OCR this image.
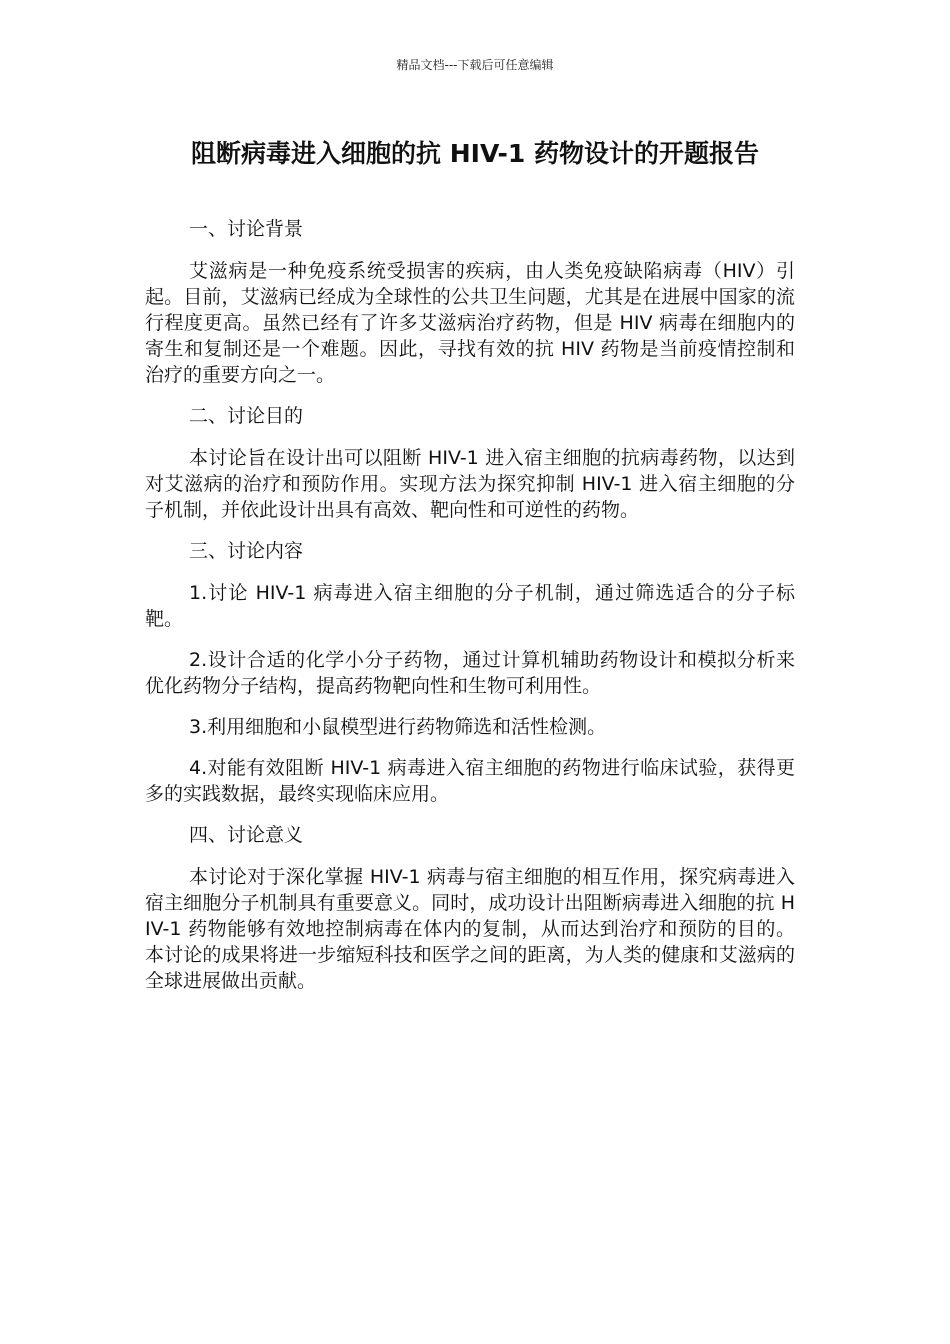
精品文档---下载后可任意编辑
阻断病毒进入细胞的抗 HIV-1 药物设计的开题报告

一、讨论背景

艾滋病是一种免疫系统受损害的疾病，由人类免疫缺陷病毒（HIV）引起。目前，艾滋病已经成为全球性的公共卫生问题，尤其是在进展中国家的流行程度更高。虽然已经有了许多艾滋病治疗药物，但是 HIV 病毒在细胞内的寄生和复制还是一个难题。因此，寻找有效的抗 HIV 药物是当前疫情控制和治疗的重要方向之一。

二、讨论目的

本讨论旨在设计出可以阻断 HIV-1 进入宿主细胞的抗病毒药物，以达到对艾滋病的治疗和预防作用。实现方法为探究抑制 HIV-1 进入宿主细胞的分子机制，并依此设计出具有高效、靶向性和可逆性的药物。

三、讨论内容

1.讨论 HIV-1 病毒进入宿主细胞的分子机制，通过筛选适合的分子标靶。

2.设计合适的化学小分子药物，通过计算机辅助药物设计和模拟分析来优化药物分子结构，提高药物靶向性和生物可利用性。

3.利用细胞和小鼠模型进行药物筛选和活性检测。

4.对能有效阻断 HIV-1 病毒进入宿主细胞的药物进行临床试验，获得更多的实践数据，最终实现临床应用。

四、讨论意义

本讨论对于深化掌握 HIV-1 病毒与宿主细胞的相互作用，探究病毒进入宿主细胞分子机制具有重要意义。同时，成功设计出阻断病毒进入细胞的抗 HIV-1 药物能够有效地控制病毒在体内的复制，从而达到治疗和预防的目的。本讨论的成果将进一步缩短科技和医学之间的距离，为人类的健康和艾滋病的全球进展做出贡献。
